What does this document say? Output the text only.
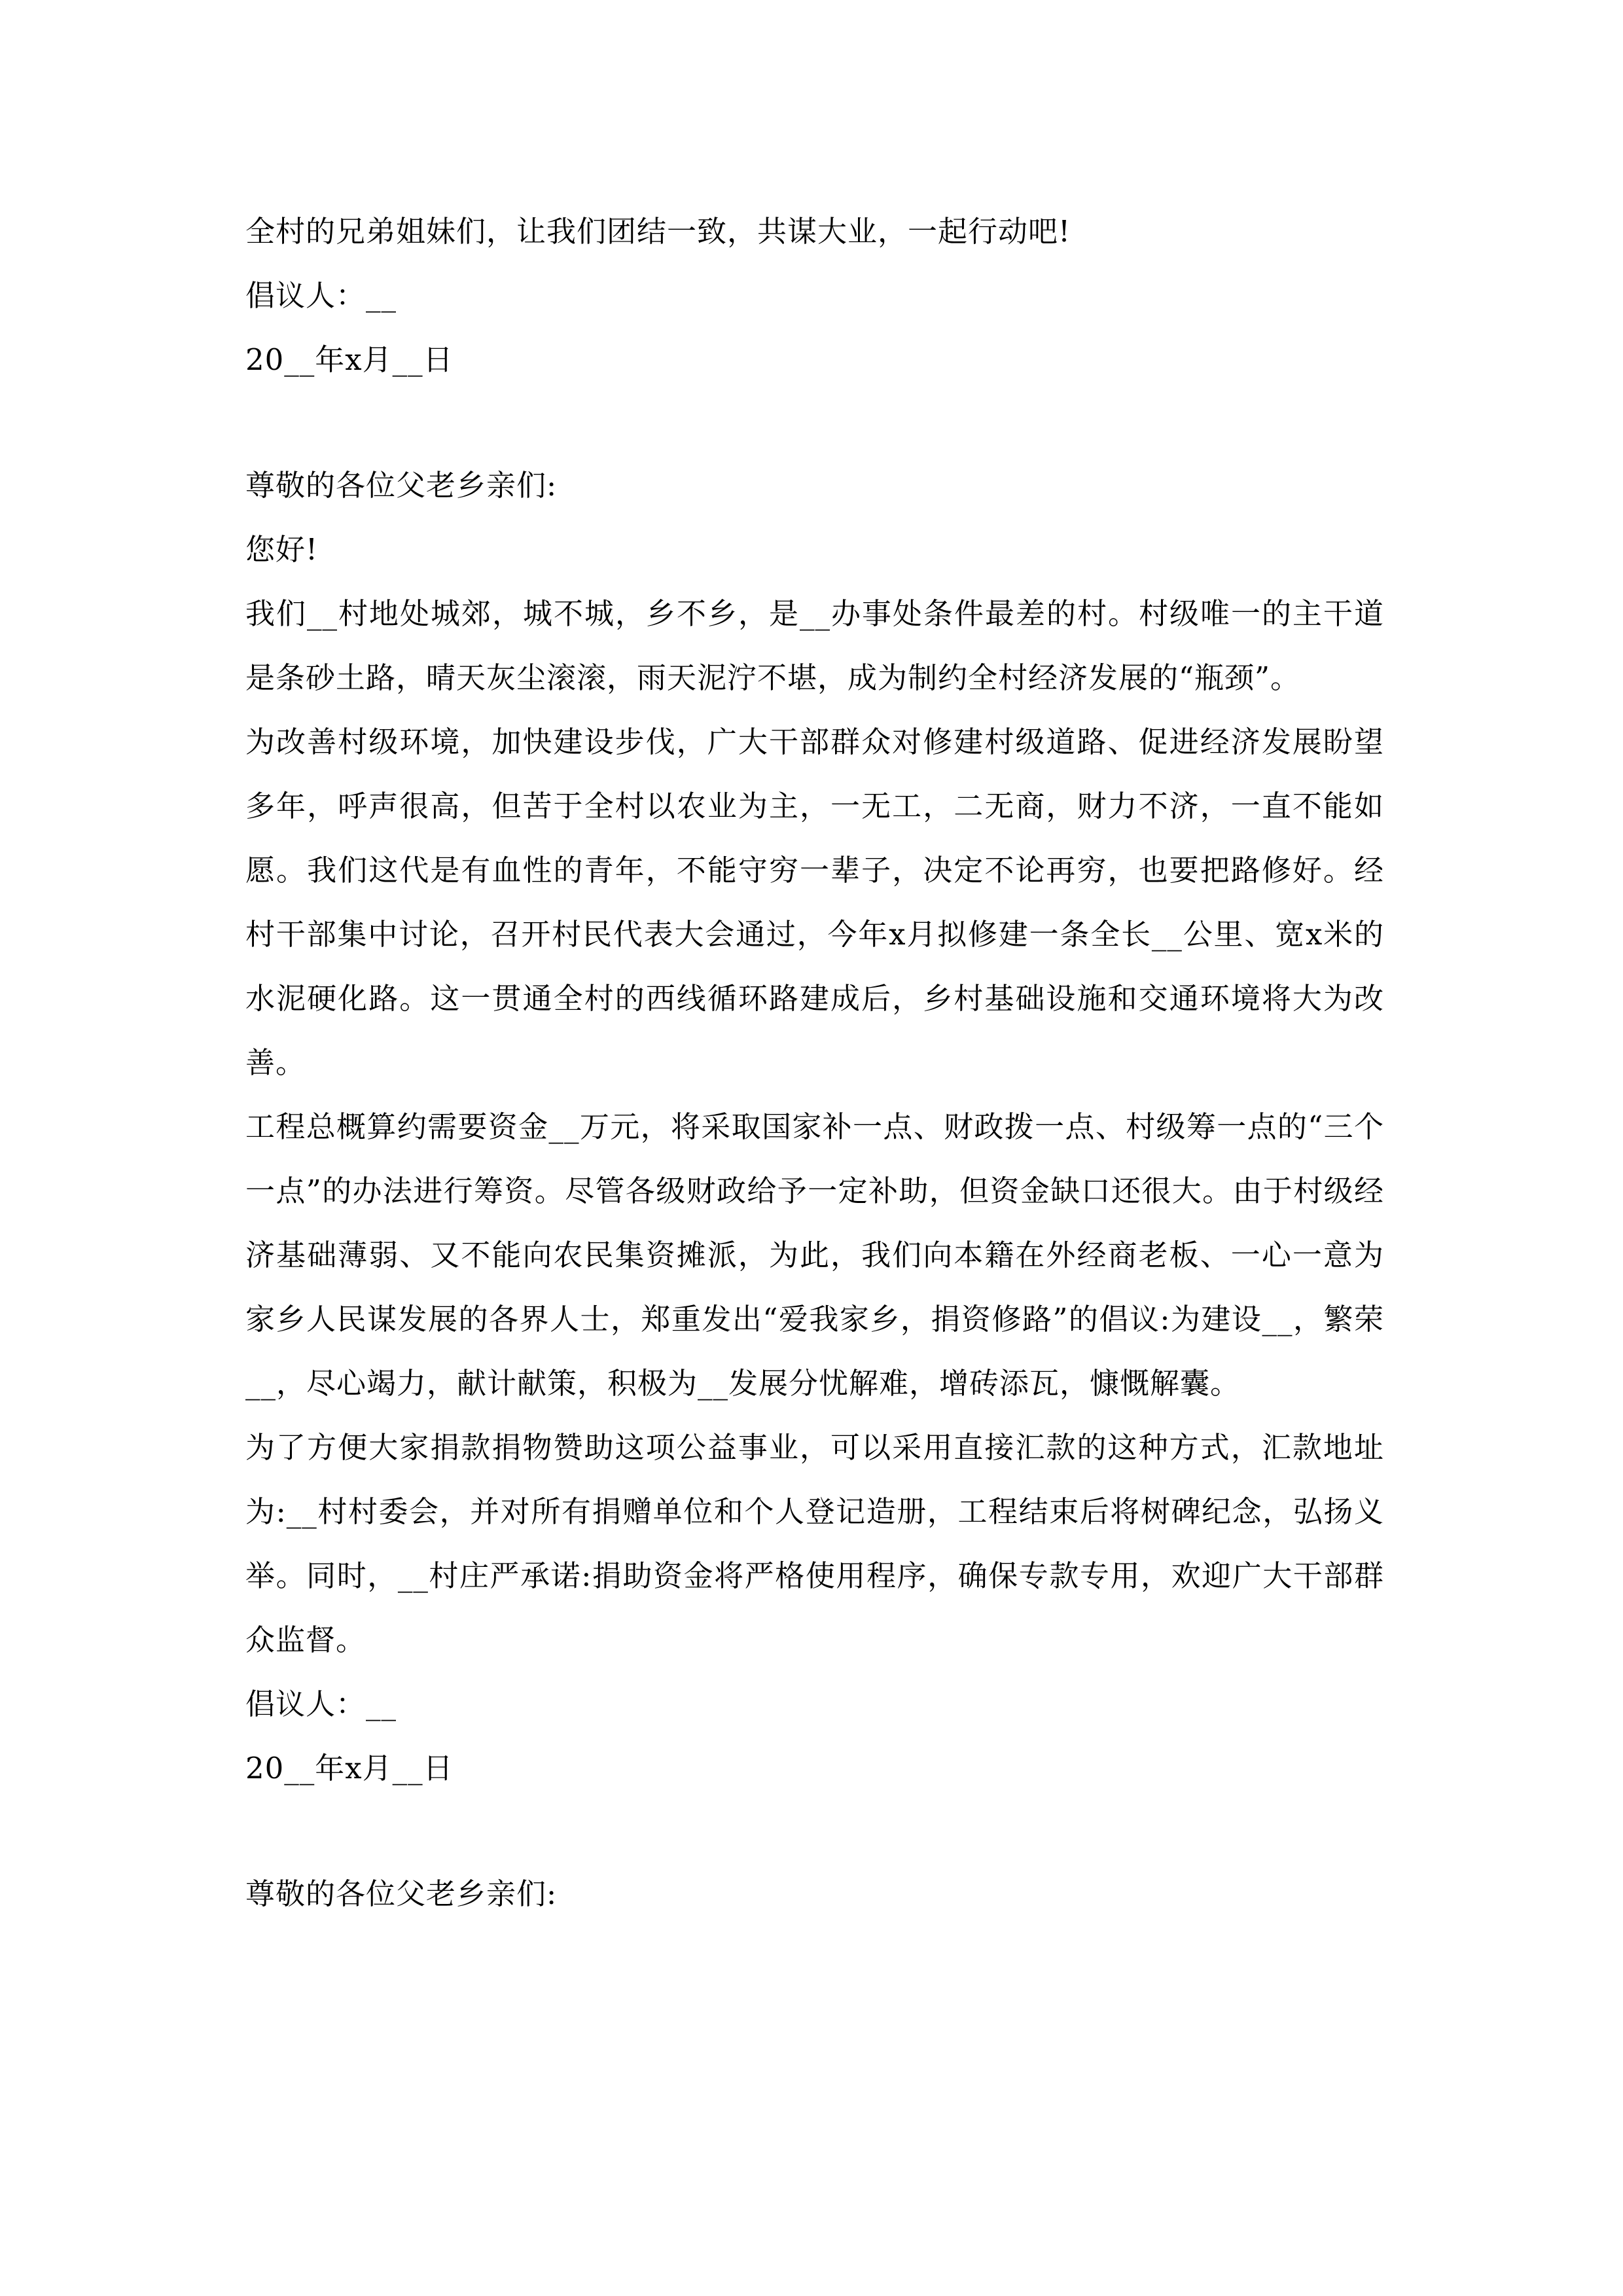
全村的兄弟姐妹们，让我们团结一致，共谋大业，一起行动吧!
倡议人：__
20__年x月__日
尊敬的各位父老乡亲们:
您好!
我们__村地处城郊，城不城，乡不乡，是__办事处条件最差的村。村级唯一的主干道是条砂土路，晴天灰尘滚滚，雨天泥泞不堪，成为制约全村经济发展的“瓶颈”。
为改善村级环境，加快建设步伐，广大干部群众对修建村级道路、促进经济发展盼望多年，呼声很高，但苦于全村以农业为主，一无工，二无商，财力不济，一直不能如愿。我们这代是有血性的青年，不能守穷一辈子，决定不论再穷，也要把路修好。经村干部集中讨论，召开村民代表大会通过，今年x月拟修建一条全长__公里、宽x米的水泥硬化路。这一贯通全村的西线循环路建成后，乡村基础设施和交通环境将大为改善。
工程总概算约需要资金__万元，将采取国家补一点、财政拨一点、村级筹一点的“三个一点”的办法进行筹资。尽管各级财政给予一定补助，但资金缺口还很大。由于村级经济基础薄弱、又不能向农民集资摊派，为此，我们向本籍在外经商老板、一心一意为家乡人民谋发展的各界人士，郑重发出“爱我家乡，捐资修路”的倡议:为建设__，繁荣__，尽心竭力，献计献策，积极为__发展分忧解难，增砖添瓦，慷慨解囊。
为了方便大家捐款捐物赞助这项公益事业，可以采用直接汇款的这种方式，汇款地址为:__村村委会，并对所有捐赠单位和个人登记造册，工程结束后将树碑纪念，弘扬义举。同时，__村庄严承诺:捐助资金将严格使用程序，确保专款专用，欢迎广大干部群众监督。
倡议人：__
20__年x月__日
尊敬的各位父老乡亲们:
